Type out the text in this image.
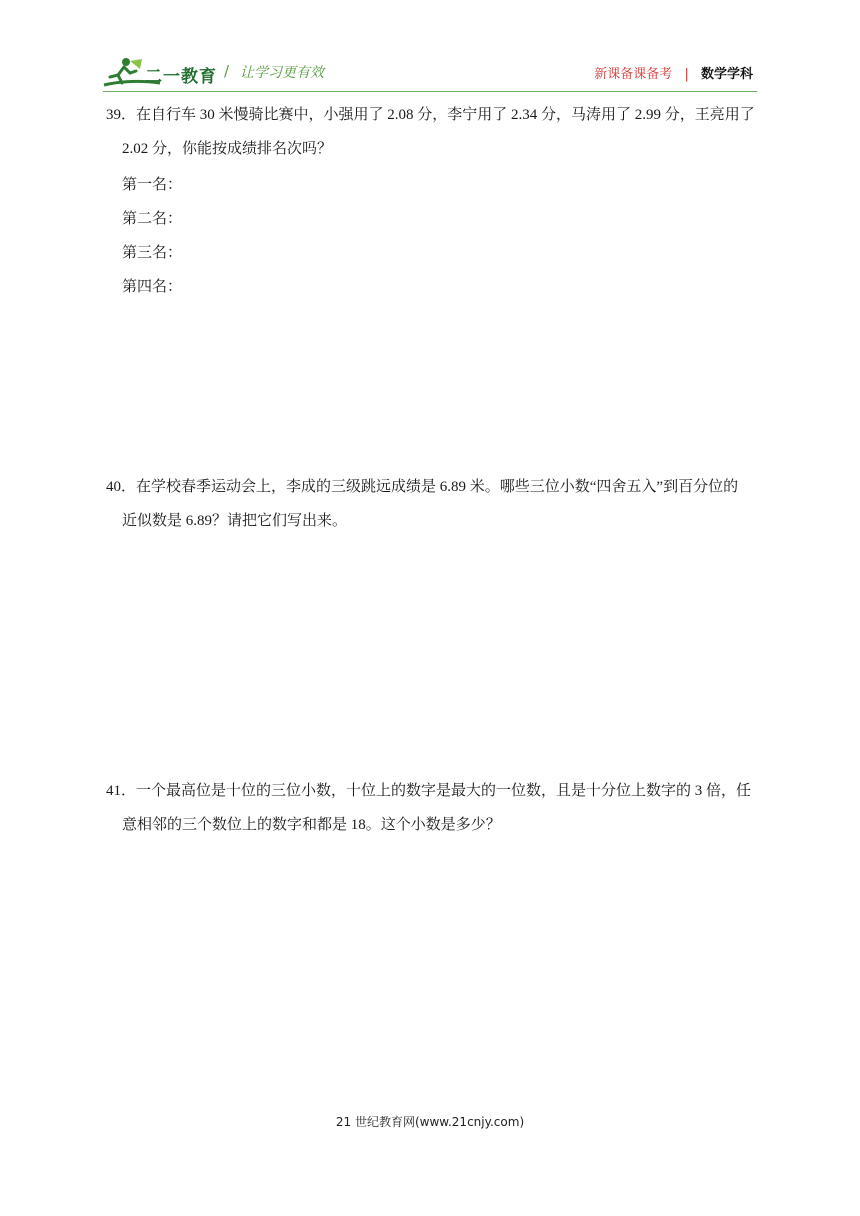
二一教育 / 让学习更有效	新课备课备考 | 数学学科
39．在自行车 30 米慢骑比赛中，小强用了 2.08 分，李宁用了 2.34 分，马涛用了 2.99 分，王亮用了
2.02 分，你能按成绩排名次吗？
第一名：
第二名：
第三名：
第四名：
40．在学校春季运动会上，李成的三级跳远成绩是 6.89 米。哪些三位小数“四舍五入”到百分位的
近似数是 6.89？请把它们写出来。
41．一个最高位是十位的三位小数，十位上的数字是最大的一位数，且是十分位上数字的 3 倍，任
意相邻的三个数位上的数字和都是 18。这个小数是多少？
21 世纪教育网(www.21cnjy.com)
